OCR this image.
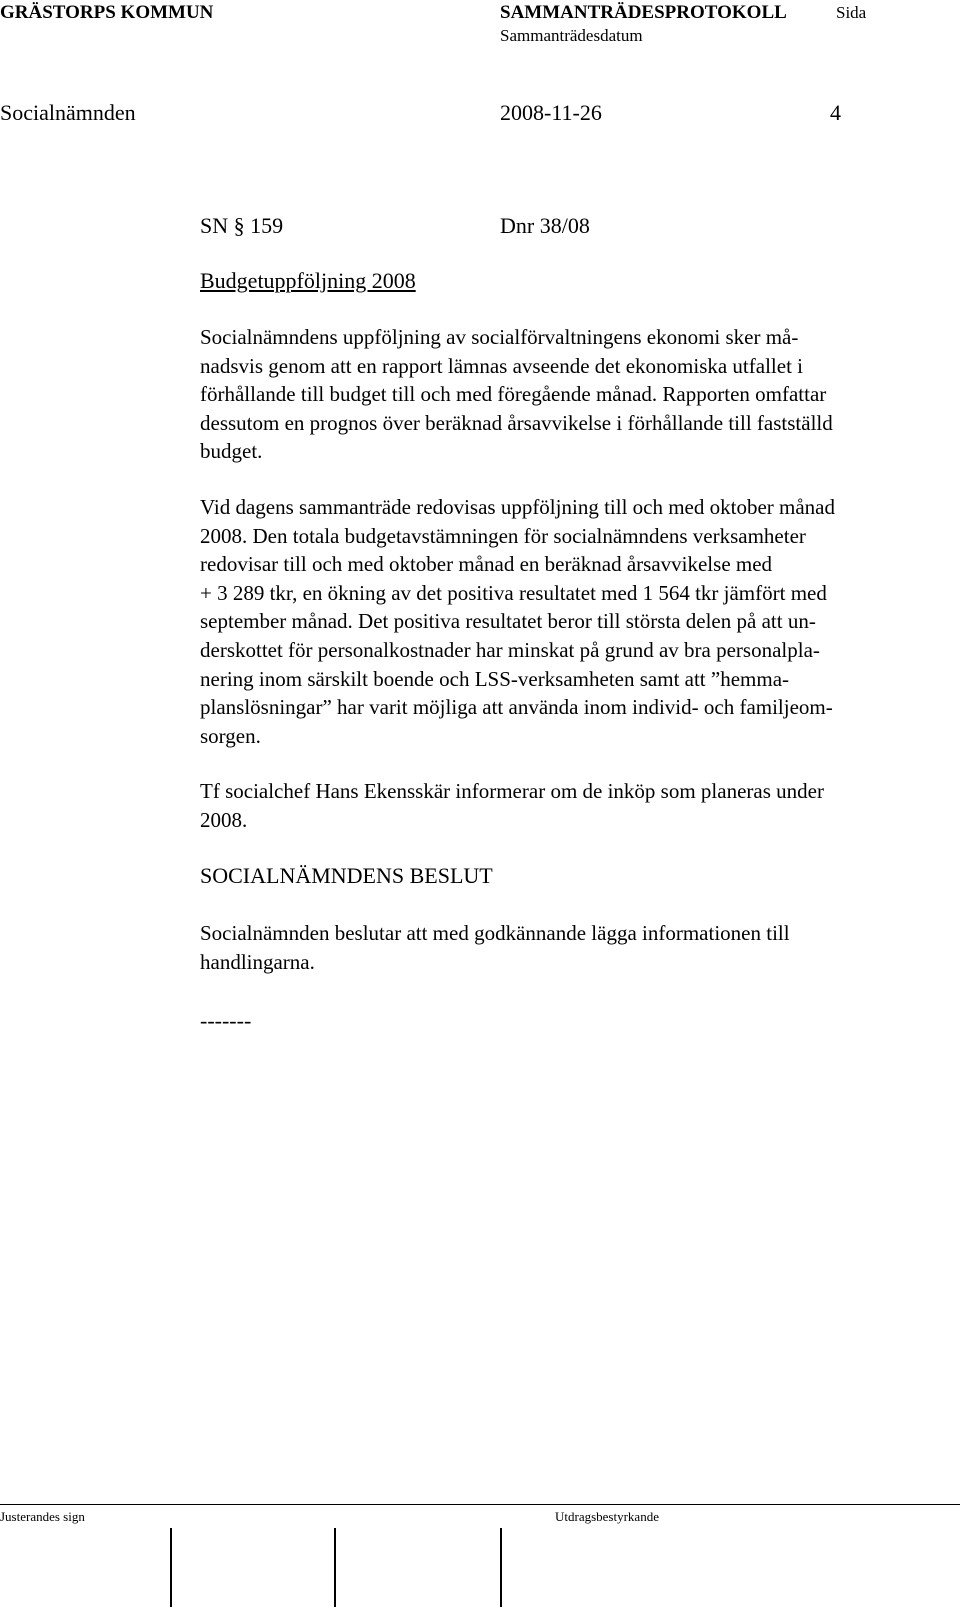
GRÄSTORPS KOMMUN	SAMMANTRÄDESPROTOKOLL	Sida
Sammanträdesdatum
Socialnämnden	2008-11-26	4
SN § 159	Dnr 38/08
Budgetuppföljning 2008
Socialnämndens uppföljning av socialförvaltningens ekonomi sker må-
nadsvis genom att en rapport lämnas avseende det ekonomiska utfallet i
förhållande till budget till och med föregående månad. Rapporten omfattar
dessutom en prognos över beräknad årsavvikelse i förhållande till fastställd
budget.
Vid dagens sammanträde redovisas uppföljning till och med oktober månad
2008. Den totala budgetavstämningen för socialnämndens verksamheter
redovisar till och med oktober månad en beräknad årsavvikelse med
+ 3 289 tkr, en ökning av det positiva resultatet med 1 564 tkr jämfört med
september månad. Det positiva resultatet beror till största delen på att un-
derskottet för personalkostnader har minskat på grund av bra personalpla-
nering inom särskilt boende och LSS-verksamheten samt att ”hemma-
planslösningar” har varit möjliga att använda inom individ- och familjeom-
sorgen.
Tf socialchef Hans Ekensskär informerar om de inköp som planeras under
2008.
SOCIALNÄMNDENS BESLUT
Socialnämnden beslutar att med godkännande lägga informationen till
handlingarna.
-------
Justerandes sign	Utdragsbestyrkande
